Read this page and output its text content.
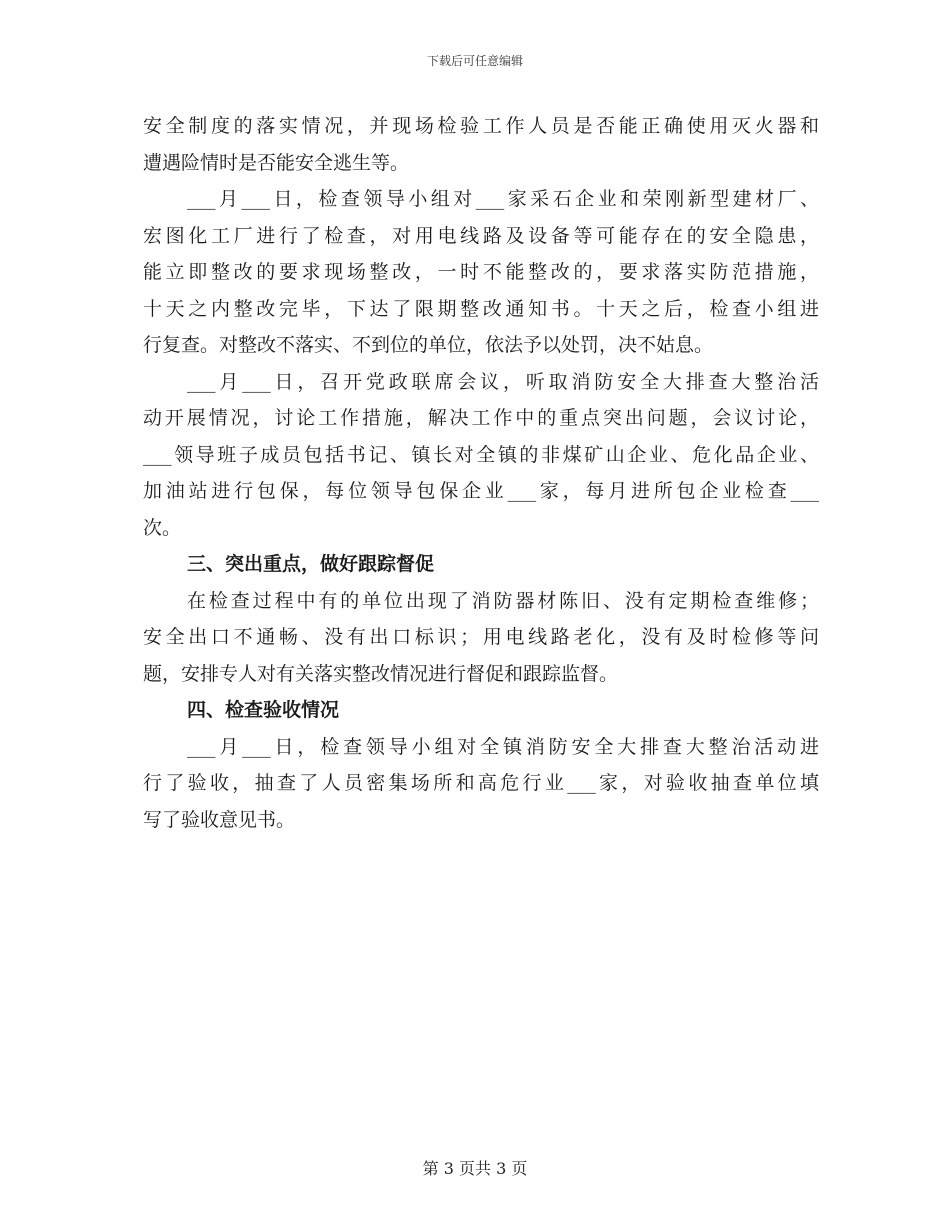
下载后可任意编辑
安全制度的落实情况，并现场检验工作人员是否能正确使用灭火器和
遭遇险情时是否能安全逃生等。
___月___日，检查领导小组对___家采石企业和荣刚新型建材厂、
宏图化工厂进行了检查，对用电线路及设备等可能存在的安全隐患，
能立即整改的要求现场整改，一时不能整改的，要求落实防范措施，
十天之内整改完毕，下达了限期整改通知书。十天之后，检查小组进
行复查。对整改不落实、不到位的单位，依法予以处罚，决不姑息。
___月___日，召开党政联席会议，听取消防安全大排查大整治活
动开展情况，讨论工作措施，解决工作中的重点突出问题，会议讨论，
___领导班子成员包括书记、镇长对全镇的非煤矿山企业、危化品企业、
加油站进行包保，每位领导包保企业___家，每月进所包企业检查___
次。
三、突出重点，做好跟踪督促
在检查过程中有的单位出现了消防器材陈旧、没有定期检查维修；
安全出口不通畅、没有出口标识；用电线路老化，没有及时检修等问
题，安排专人对有关落实整改情况进行督促和跟踪监督。
四、检查验收情况
___月___日，检查领导小组对全镇消防安全大排查大整治活动进
行了验收，抽查了人员密集场所和高危行业___家，对验收抽查单位填
写了验收意见书。
第 3 页共 3 页
